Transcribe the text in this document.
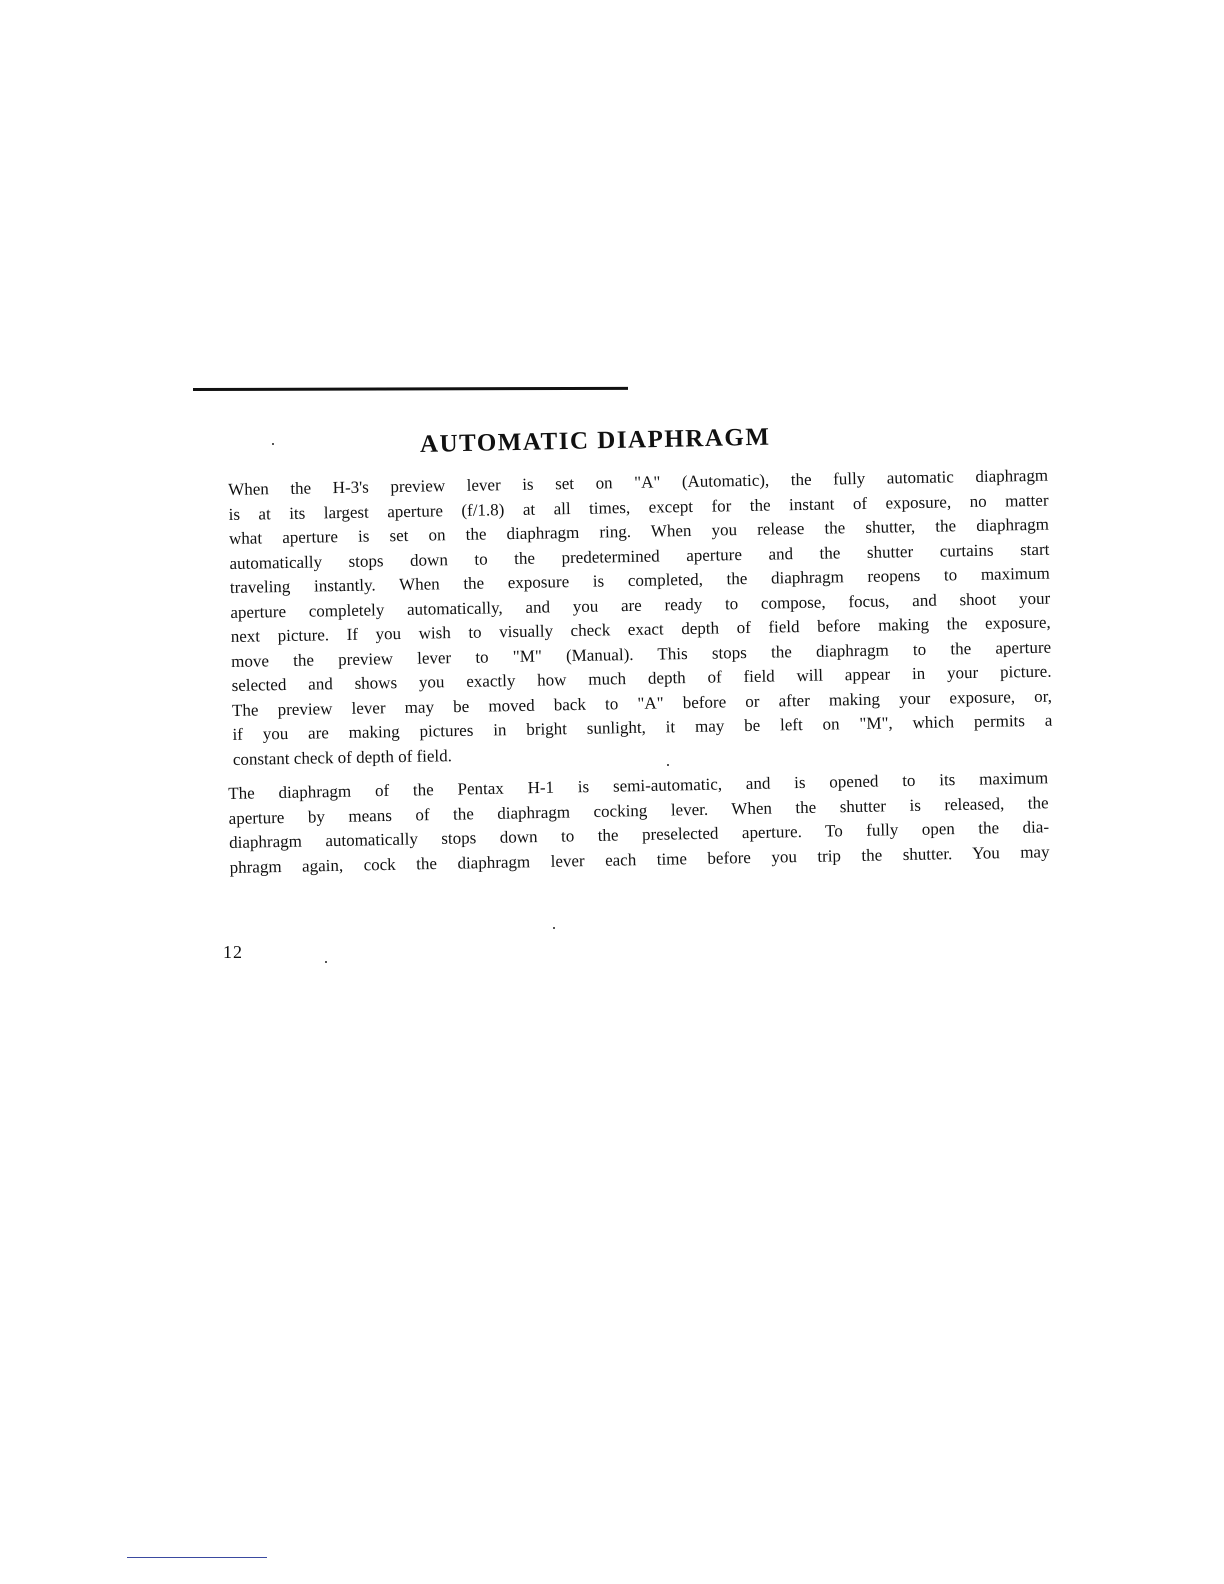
AUTOMATIC DIAPHRAGM
When the H-3's preview lever is set on "A" (Automatic), the fully automatic diaphragm
is at its largest aperture (f/1.8) at all times, except for the instant of exposure, no matter
what aperture is set on the diaphragm ring. When you release the shutter, the diaphragm
automatically stops down to the predetermined aperture and the shutter curtains start
traveling instantly. When the exposure is completed, the diaphragm reopens to maximum
aperture completely automatically, and you are ready to compose, focus, and shoot your
next picture. If you wish to visually check exact depth of field before making the exposure,
move the preview lever to "M" (Manual). This stops the diaphragm to the aperture
selected and shows you exactly how much depth of field will appear in your picture.
The preview lever may be moved back to "A" before or after making your exposure, or,
if you are making pictures in bright sunlight, it may be left on "M", which permits a
constant check of depth of field.
The diaphragm of the Pentax H-1 is semi-automatic, and is opened to its maximum
aperture by means of the diaphragm cocking lever. When the shutter is released, the
diaphragm automatically stops down to the preselected aperture. To fully open the dia-
phragm again, cock the diaphragm lever each time before you trip the shutter. You may
12
